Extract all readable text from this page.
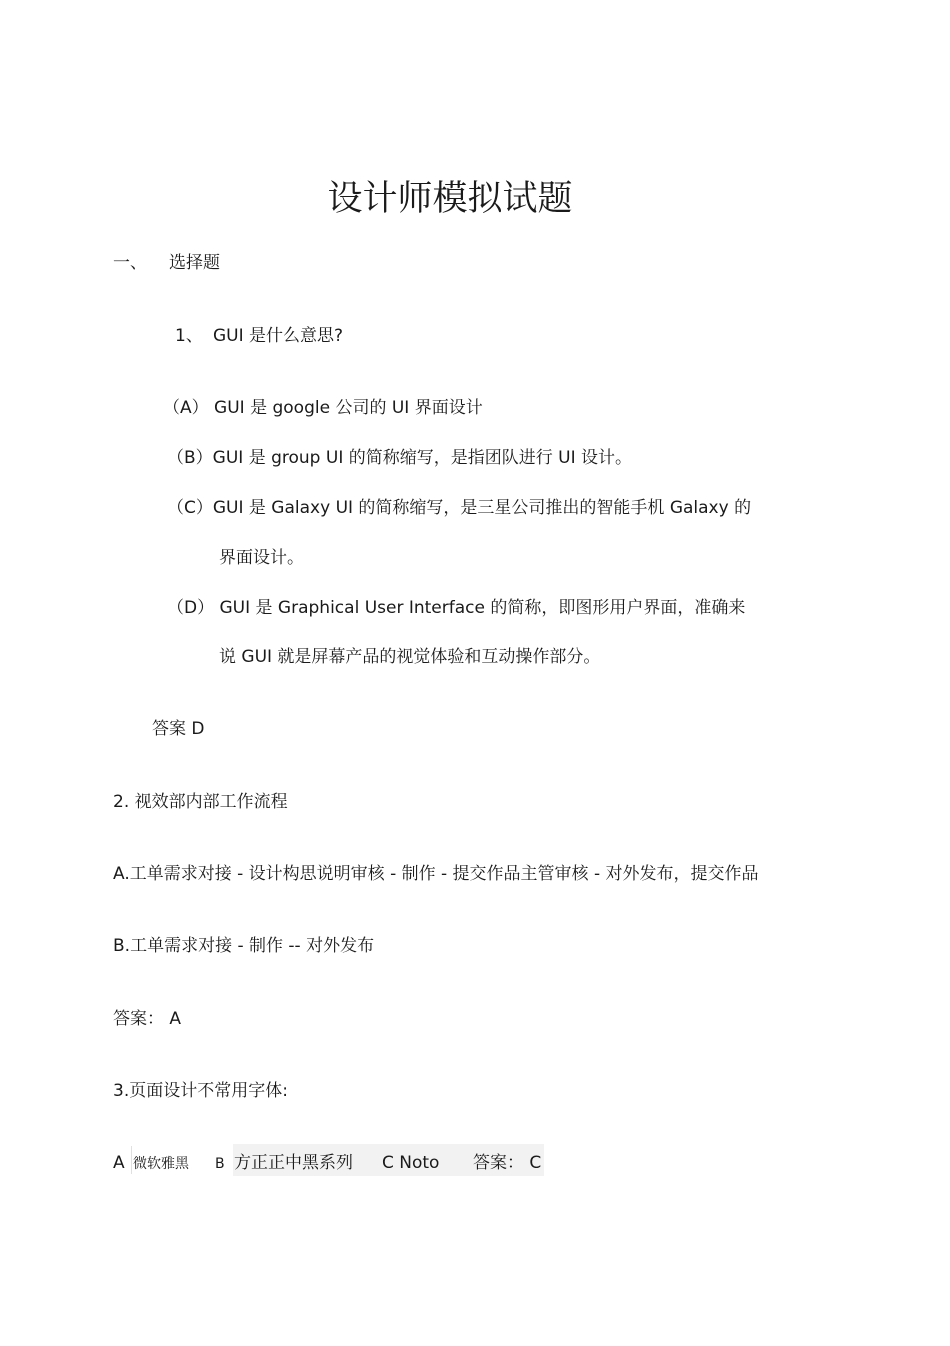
设计师模拟试题
一、 选择题
1、 GUI 是什么意思?
（A） GUI 是 google 公司的 UI 界面设计
（B）GUI 是 group UI 的简称缩写，是指团队进行 UI 设计。
（C）GUI 是 Galaxy UI 的简称缩写，是三星公司推出的智能手机 Galaxy 的
界面设计。
（D） GUI 是 Graphical User Interface 的简称，即图形用户界面，准确来
说 GUI 就是屏幕产品的视觉体验和互动操作部分。
答案 D
2. 视效部内部工作流程
A.工单需求对接 - 设计构思说明审核 - 制作 - 提交作品主管审核 - 对外发布，提交作品
B.工单需求对接 - 制作 -- 对外发布
答案： A
3.页面设计不常用字体:
A 微软雅黑 B 方正正中黑系列 C Noto 答案： C
